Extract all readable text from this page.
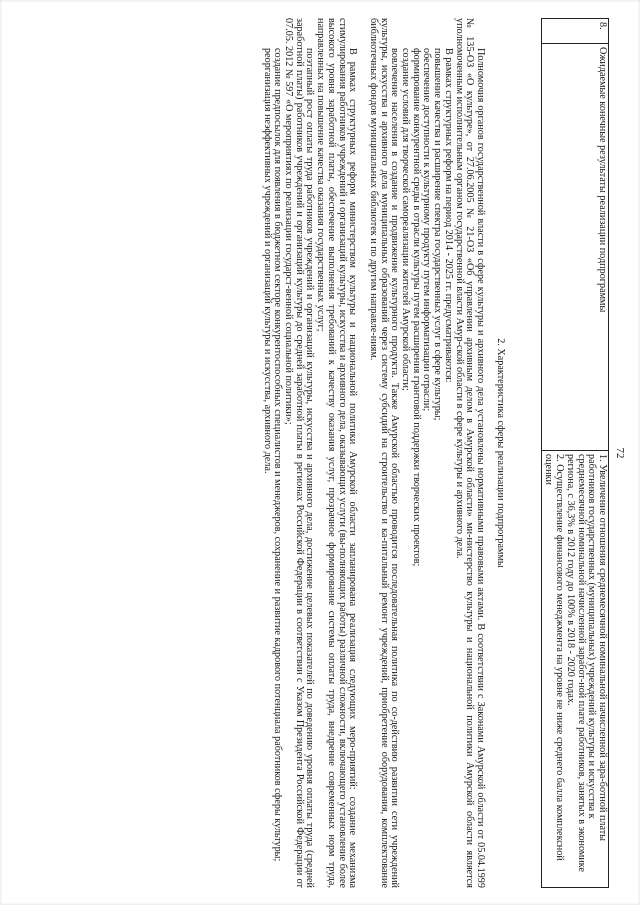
72
8.	Ожидаемые конечные результаты реализации подпрограммы	
1. Увеличение отношения среднемесячной номинальной начисленной зара-ботной платы работников государственных (муниципальных) учреждений культуры и искусства к среднемесячной номинальной начисленной заработ-ной плате работников, занятых в экономике региона, с 36,3% в 2012 году до 100% в 2018 - 2020 годах.
2. Осуществление финансового менеджмента на уровне не ниже среднего балла комплексной оценки
2. Характеристика сферы реализации подпрограммы

Полномочия органов государственной власти в сфере культуры и архивного дела установлены нормативными правовыми актами. В соответствии с Законами Амурской области от 05.04.1999 № 135-ОЗ «О культуре», от 27.06.2005 № 21-ОЗ «Об управлении архивным делом в Амурской области» ми-нистерство культуры и национальной политики Амурской области является уполномоченным исполнительным органом государственной власти Амур-ской области в сфере культуры и архивного дела.

В рамках структурных реформ на период 2014 - 2025 гг. предусматриваются:

повышение качества и расширение спектра государственных услуг в сфере культуры;

обеспечение доступности к культурному продукту путем информатизации отрасли;

формирование конкурентной среды в отрасли культуры путем расширения грантовой поддержки творческих проектов;

создание условий для творческой самореализации жителей Амурской области;

вовлечение населения в создание и продвижение культурного продукта. Также Амурской областью проводится последовательная политика по со-действию развитии сети учреждений культуры, искусства и архивного дела муниципальных образований через систему субсидий на строительство и ка-питальный ремонт учреждений, приобретение оборудования, комплектование библиотечных фондов муниципальных библиотек и по другим направле-ниям.

В рамках структурных реформ министерством культуры и национальной политики Амурской области запланирована реализация следующих меро-приятий: создание механизма стимулирования работников учреждений и организаций культуры, искусства и архивного дела, оказывающих услуги (вы-полняющих работы) различной сложности, включающего установление более высокого уровня заработной платы, обеспечение выполнения требований к качеству оказания услуг, прозрачное формирование системы оплаты труда, внедрение современных норм труда, направленных на повышение качества оказания государственных услуг;

поэтапный рост оплаты труда работников учреждений и организаций культуры, искусства и архивного дела, достижение целевых показателей по доведению уровня оплаты труда (средней заработной платы) работников учреждений и организаций культуры до средней заработной платы в регионах Российской Федерации в соответствии с Указом Президента Российской Федерации от 07.05. 2012 № 597 «О мероприятиях по реализации государст-венной социальной политики»;

создание предпосылок для появления в бюджетном секторе конкурентоспособных специалистов и менеджеров, сохранение и развитие кадрового потенциала работников сферы культуры;

реорганизация неэффективных учреждений и организаций культуры и искусства, архивного дела.
